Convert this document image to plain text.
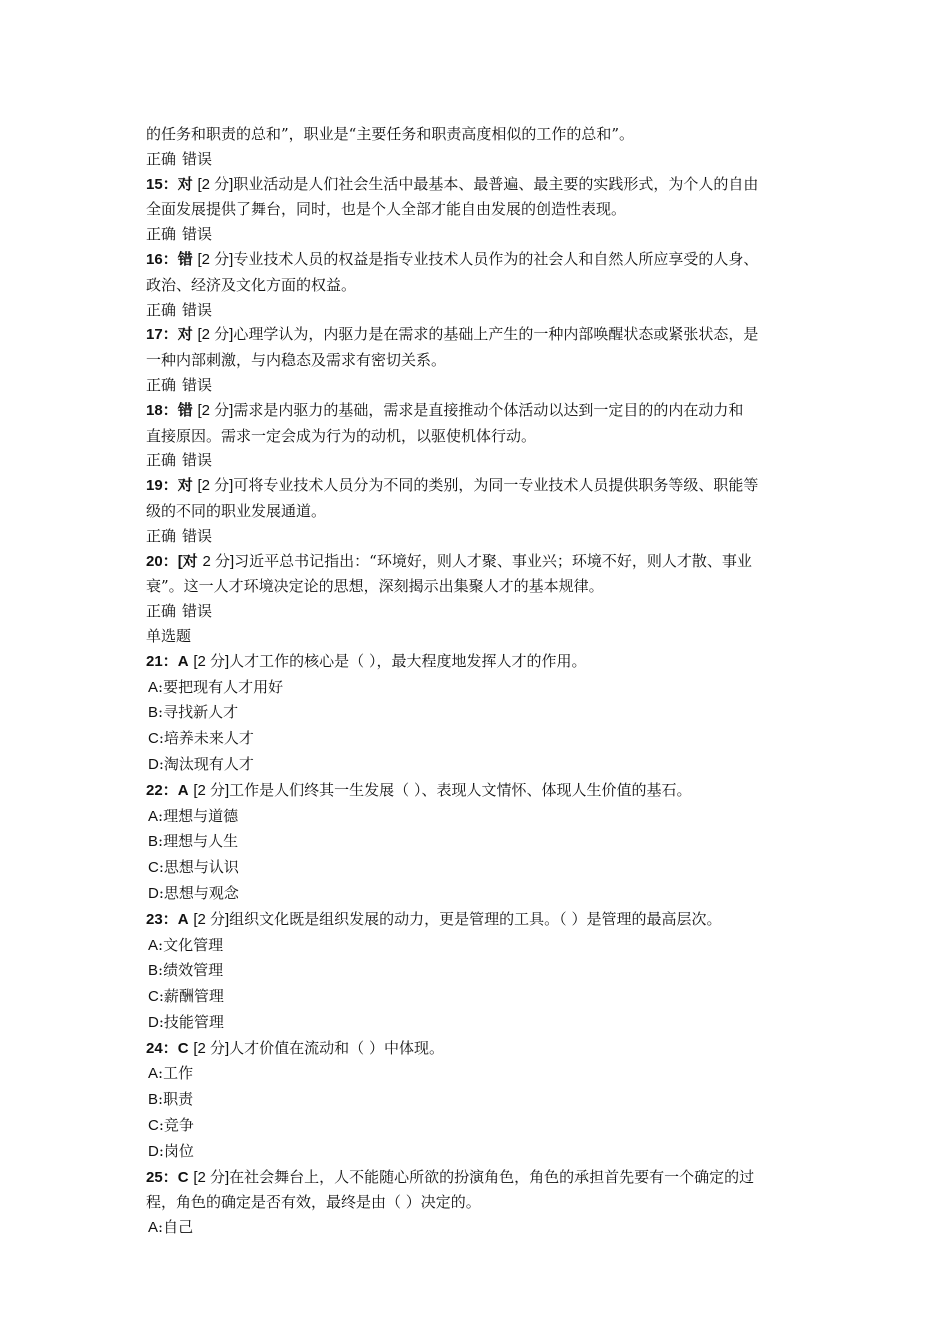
的任务和职责的总和”，职业是“主要任务和职责高度相似的工作的总和”。
正确 错误
15：对 [2 分]职业活动是人们社会生活中最基本、最普遍、最主要的实践形式，为个人的自由
全面发展提供了舞台，同时，也是个人全部才能自由发展的创造性表现。
正确 错误
16：错 [2 分]专业技术人员的权益是指专业技术人员作为的社会人和自然人所应享受的人身、
政治、经济及文化方面的权益。
正确 错误
17：对 [2 分]心理学认为，内驱力是在需求的基础上产生的一种内部唤醒状态或紧张状态，是
一种内部刺激，与内稳态及需求有密切关系。
正确 错误
18：错 [2 分]需求是内驱力的基础，需求是直接推动个体活动以达到一定目的的内在动力和
直接原因。需求一定会成为行为的动机，以驱使机体行动。
正确 错误
19：对 [2 分]可将专业技术人员分为不同的类别，为同一专业技术人员提供职务等级、职能等
级的不同的职业发展通道。
正确 错误
20：[对 2 分]习近平总书记指出：“环境好，则人才聚、事业兴；环境不好，则人才散、事业
衰”。这一人才环境决定论的思想，深刻揭示出集聚人才的基本规律。
正确 错误
单选题
21：A [2 分]人才工作的核心是（ ），最大程度地发挥人才的作用。
A:要把现有人才用好
B:寻找新人才
C:培养未来人才
D:淘汰现有人才
22：A [2 分]工作是人们终其一生发展（ ）、表现人文情怀、体现人生价值的基石。
A:理想与道德
B:理想与人生
C:思想与认识
D:思想与观念
23：A [2 分]组织文化既是组织发展的动力，更是管理的工具。（ ）是管理的最高层次。
A:文化管理
B:绩效管理
C:薪酬管理
D:技能管理
24：C [2 分]人才价值在流动和（ ）中体现。
A:工作
B:职责
C:竞争
D:岗位
25：C [2 分]在社会舞台上，人不能随心所欲的扮演角色，角色的承担首先要有一个确定的过
程，角色的确定是否有效，最终是由（ ）决定的。
A:自己
